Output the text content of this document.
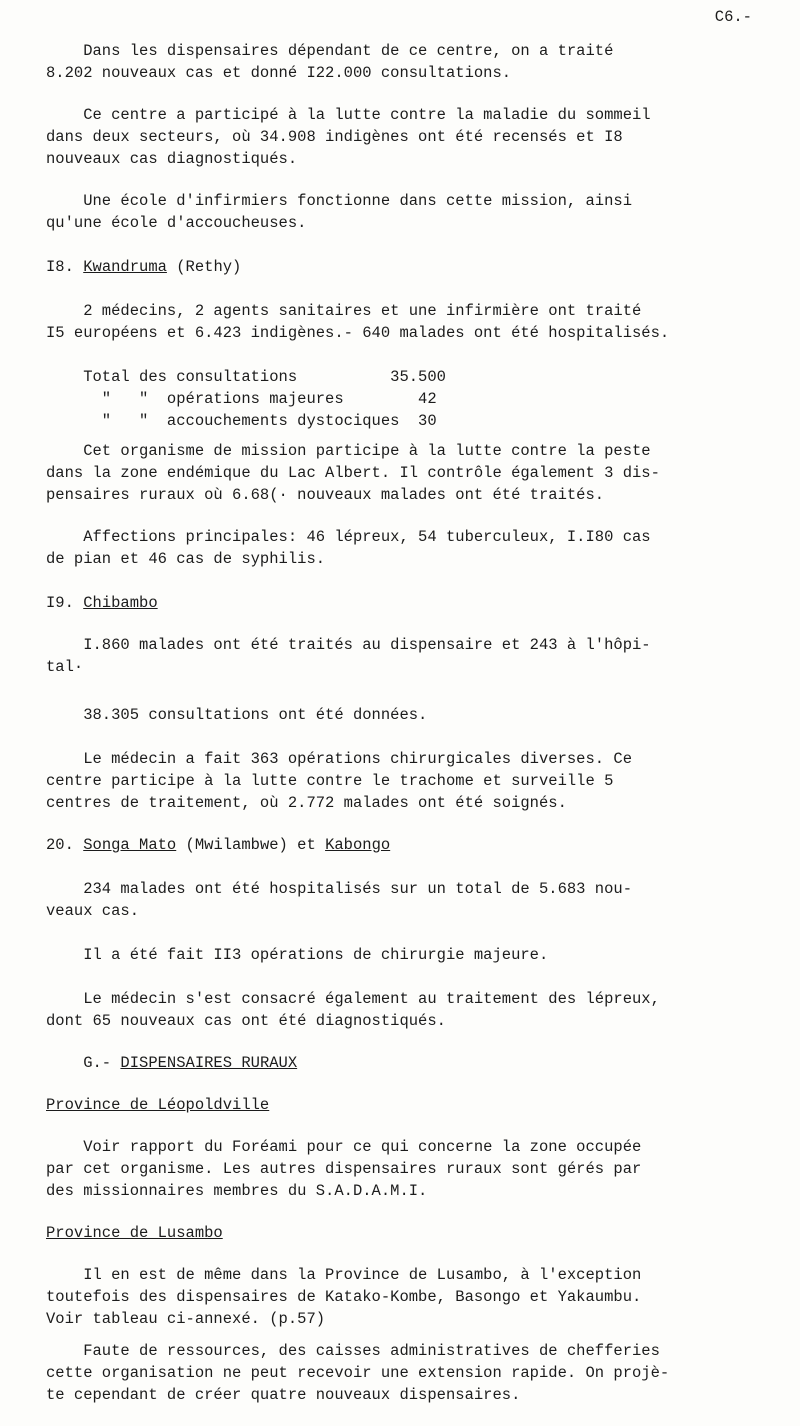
C6.-
Dans les dispensaires dépendant de ce centre, on a traité
8.202 nouveaux cas et donné I22.000 consultations.
Ce centre a participé à la lutte contre la maladie du sommeil
dans deux secteurs, où 34.908 indigènes ont été recensés et I8
nouveaux cas diagnostiqués.
Une école d'infirmiers fonctionne dans cette mission, ainsi
qu'une école d'accoucheuses.
I8. Kwandruma (Rethy)
2 médecins, 2 agents sanitaires et une infirmière ont traité
I5 européens et 6.423 indigènes.- 640 malades ont été hospitalisés.
Total des consultations          35.500
"   "  opérations majeures        42
"   "  accouchements dystociques  30
Cet organisme de mission participe à la lutte contre la peste
dans la zone endémique du Lac Albert. Il contrôle également 3 dis-
pensaires ruraux où 6.68(· nouveaux malades ont été traités.
Affections principales: 46 lépreux, 54 tuberculeux, I.I80 cas
de pian et 46 cas de syphilis.
I9. Chibambo
I.860 malades ont été traités au dispensaire et 243 à l'hôpi-
tal·
38.305 consultations ont été données.
Le médecin a fait 363 opérations chirurgicales diverses. Ce
centre participe à la lutte contre le trachome et surveille 5
centres de traitement, où 2.772 malades ont été soignés.
20. Songa Mato (Mwilambwe) et Kabongo
234 malades ont été hospitalisés sur un total de 5.683 nou-
veaux cas.
Il a été fait II3 opérations de chirurgie majeure.
Le médecin s'est consacré également au traitement des lépreux,
dont 65 nouveaux cas ont été diagnostiqués.
G.- DISPENSAIRES RURAUX
Province de Léopoldville
Voir rapport du Foréami pour ce qui concerne la zone occupée
par cet organisme. Les autres dispensaires ruraux sont gérés par
des missionnaires membres du S.A.D.A.M.I.
Province de Lusambo
Il en est de même dans la Province de Lusambo, à l'exception
toutefois des dispensaires de Katako-Kombe, Basongo et Yakaumbu.
Voir tableau ci-annexé. (p.57)
Faute de ressources, des caisses administratives de chefferies
cette organisation ne peut recevoir une extension rapide. On projè-
te cependant de créer quatre nouveaux dispensaires.
